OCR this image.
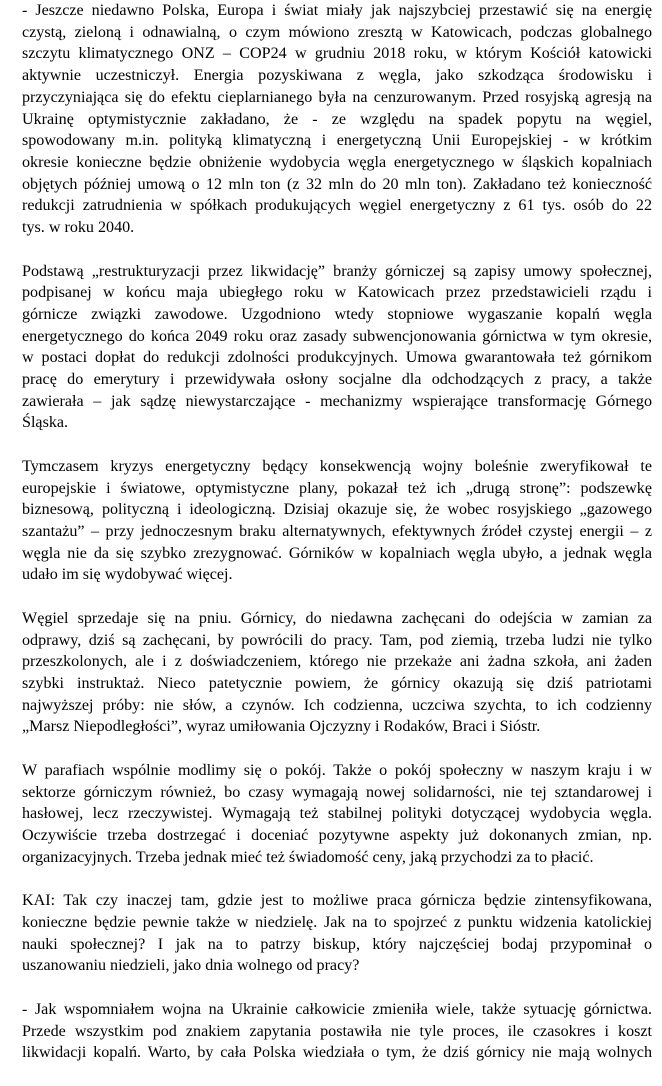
- Jeszcze niedawno Polska, Europa i świat miały jak najszybciej przestawić się na energię
czystą, zieloną i odnawialną, o czym mówiono zresztą w Katowicach, podczas globalnego
szczytu klimatycznego ONZ – COP24 w grudniu 2018 roku, w którym Kościół katowicki
aktywnie uczestniczył. Energia pozyskiwana z węgla, jako szkodząca środowisku i
przyczyniająca się do efektu cieplarnianego była na cenzurowanym. Przed rosyjską agresją na
Ukrainę optymistycznie zakładano, że - ze względu na spadek popytu na węgiel,
spowodowany m.in. polityką klimatyczną i energetyczną Unii Europejskiej - w krótkim
okresie konieczne będzie obniżenie wydobycia węgla energetycznego w śląskich kopalniach
objętych później umową o 12 mln ton (z 32 mln do 20 mln ton). Zakładano też konieczność
redukcji zatrudnienia w spółkach produkujących węgiel energetyczny z 61 tys. osób do 22
tys. w roku 2040.
Podstawą „restrukturyzacji przez likwidację” branży górniczej są zapisy umowy społecznej,
podpisanej w końcu maja ubiegłego roku w Katowicach przez przedstawicieli rządu i
górnicze związki zawodowe. Uzgodniono wtedy stopniowe wygaszanie kopalń węgla
energetycznego do końca 2049 roku oraz zasady subwencjonowania górnictwa w tym okresie,
w postaci dopłat do redukcji zdolności produkcyjnych. Umowa gwarantowała też górnikom
pracę do emerytury i przewidywała osłony socjalne dla odchodzących z pracy, a także
zawierała – jak sądzę niewystarczające - mechanizmy wspierające transformację Górnego
Śląska.
Tymczasem kryzys energetyczny będący konsekwencją wojny boleśnie zweryfikował te
europejskie i światowe, optymistyczne plany, pokazał też ich „drugą stronę”: podszewkę
biznesową, polityczną i ideologiczną. Dzisiaj okazuje się, że wobec rosyjskiego „gazowego
szantażu” – przy jednoczesnym braku alternatywnych, efektywnych źródeł czystej energii – z
węgla nie da się szybko zrezygnować. Górników w kopalniach węgla ubyło, a jednak węgla
udało im się wydobywać więcej.
Węgiel sprzedaje się na pniu. Górnicy, do niedawna zachęcani do odejścia w zamian za
odprawy, dziś są zachęcani, by powrócili do pracy. Tam, pod ziemią, trzeba ludzi nie tylko
przeszkolonych, ale i z doświadczeniem, którego nie przekaże ani żadna szkoła, ani żaden
szybki instruktaż. Nieco patetycznie powiem, że górnicy okazują się dziś patriotami
najwyższej próby: nie słów, a czynów. Ich codzienna, uczciwa szychta, to ich codzienny
„Marsz Niepodległości”, wyraz umiłowania Ojczyzny i Rodaków, Braci i Sióstr.
W parafiach wspólnie modlimy się o pokój. Także o pokój społeczny w naszym kraju i w
sektorze górniczym również, bo czasy wymagają nowej solidarności, nie tej sztandarowej i
hasłowej, lecz rzeczywistej. Wymagają też stabilnej polityki dotyczącej wydobycia węgla.
Oczywiście trzeba dostrzegać i doceniać pozytywne aspekty już dokonanych zmian, np.
organizacyjnych. Trzeba jednak mieć też świadomość ceny, jaką przychodzi za to płacić.
KAI: Tak czy inaczej tam, gdzie jest to możliwe praca górnicza będzie zintensyfikowana,
konieczne będzie pewnie także w niedzielę. Jak na to spojrzeć z punktu widzenia katolickiej
nauki społecznej? I jak na to patrzy biskup, który najczęściej bodaj przypominał o
uszanowaniu niedzieli, jako dnia wolnego od pracy?
- Jak wspomniałem wojna na Ukrainie całkowicie zmieniła wiele, także sytuację górnictwa.
Przede wszystkim pod znakiem zapytania postawiła nie tyle proces, ile czasokres i koszt
likwidacji kopalń. Warto, by cała Polska wiedziała o tym, że dziś górnicy nie mają wolnych
